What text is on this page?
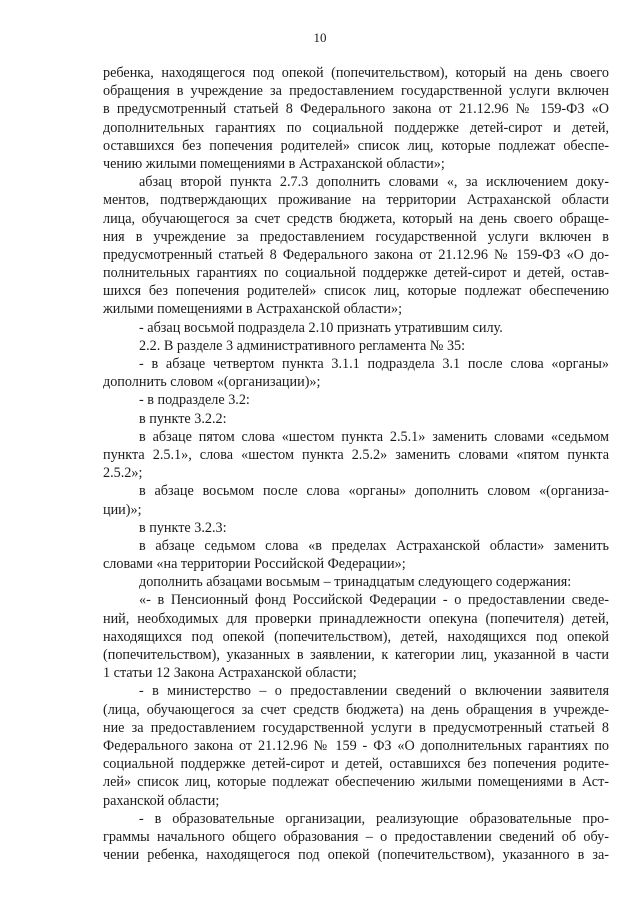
10
ребенка, находящегося под опекой (попечительством), который на день своего
обращения в учреждение за предоставлением государственной услуги включен
в предусмотренный статьей 8 Федерального закона от 21.12.96 № 159-ФЗ «О
дополнительных гарантиях по социальной поддержке детей-сирот и детей,
оставшихся без попечения родителей» список лиц, которые подлежат обеспе-
чению жилыми помещениями в Астраханской области»;
абзац второй пункта 2.7.3 дополнить словами «, за исключением доку-
ментов, подтверждающих проживание на территории Астраханской области
лица, обучающегося за счет средств бюджета, который на день своего обраще-
ния в учреждение за предоставлением государственной услуги включен в
предусмотренный статьей 8 Федерального закона от 21.12.96 № 159-ФЗ «О до-
полнительных гарантиях по социальной поддержке детей-сирот и детей, остав-
шихся без попечения родителей» список лиц, которые подлежат обеспечению
жилыми помещениями в Астраханской области»;
- абзац восьмой подраздела 2.10 признать утратившим силу.
2.2. В разделе 3 административного регламента № 35:
- в абзаце четвертом пункта 3.1.1 подраздела 3.1 после слова «органы»
дополнить словом «(организации)»;
- в подразделе 3.2:
в пункте 3.2.2:
в абзаце пятом слова «шестом пункта 2.5.1» заменить словами «седьмом
пункта 2.5.1», слова «шестом пункта 2.5.2» заменить словами «пятом пункта
2.5.2»;
в абзаце восьмом после слова «органы» дополнить словом «(организа-
ции)»;
в пункте 3.2.3:
в абзаце седьмом слова «в пределах Астраханской области» заменить
словами «на территории Российской Федерации»;
дополнить абзацами восьмым – тринадцатым следующего содержания:
«- в Пенсионный фонд Российской Федерации - о предоставлении сведе-
ний, необходимых для проверки принадлежности опекуна (попечителя) детей,
находящихся под опекой (попечительством), детей, находящихся под опекой
(попечительством), указанных в заявлении, к категории лиц, указанной в части
1 статьи 12 Закона Астраханской области;
- в министерство – о предоставлении сведений о включении заявителя
(лица, обучающегося за счет средств бюджета) на день обращения в учрежде-
ние за предоставлением государственной услуги в предусмотренный статьей 8
Федерального закона от 21.12.96 № 159 - ФЗ «О дополнительных гарантиях по
социальной поддержке детей-сирот и детей, оставшихся без попечения родите-
лей» список лиц, которые подлежат обеспечению жилыми помещениями в Аст-
раханской области;
- в образовательные организации, реализующие образовательные про-
граммы начального общего образования – о предоставлении сведений об обу-
чении ребенка, находящегося под опекой (попечительством), указанного в за-
